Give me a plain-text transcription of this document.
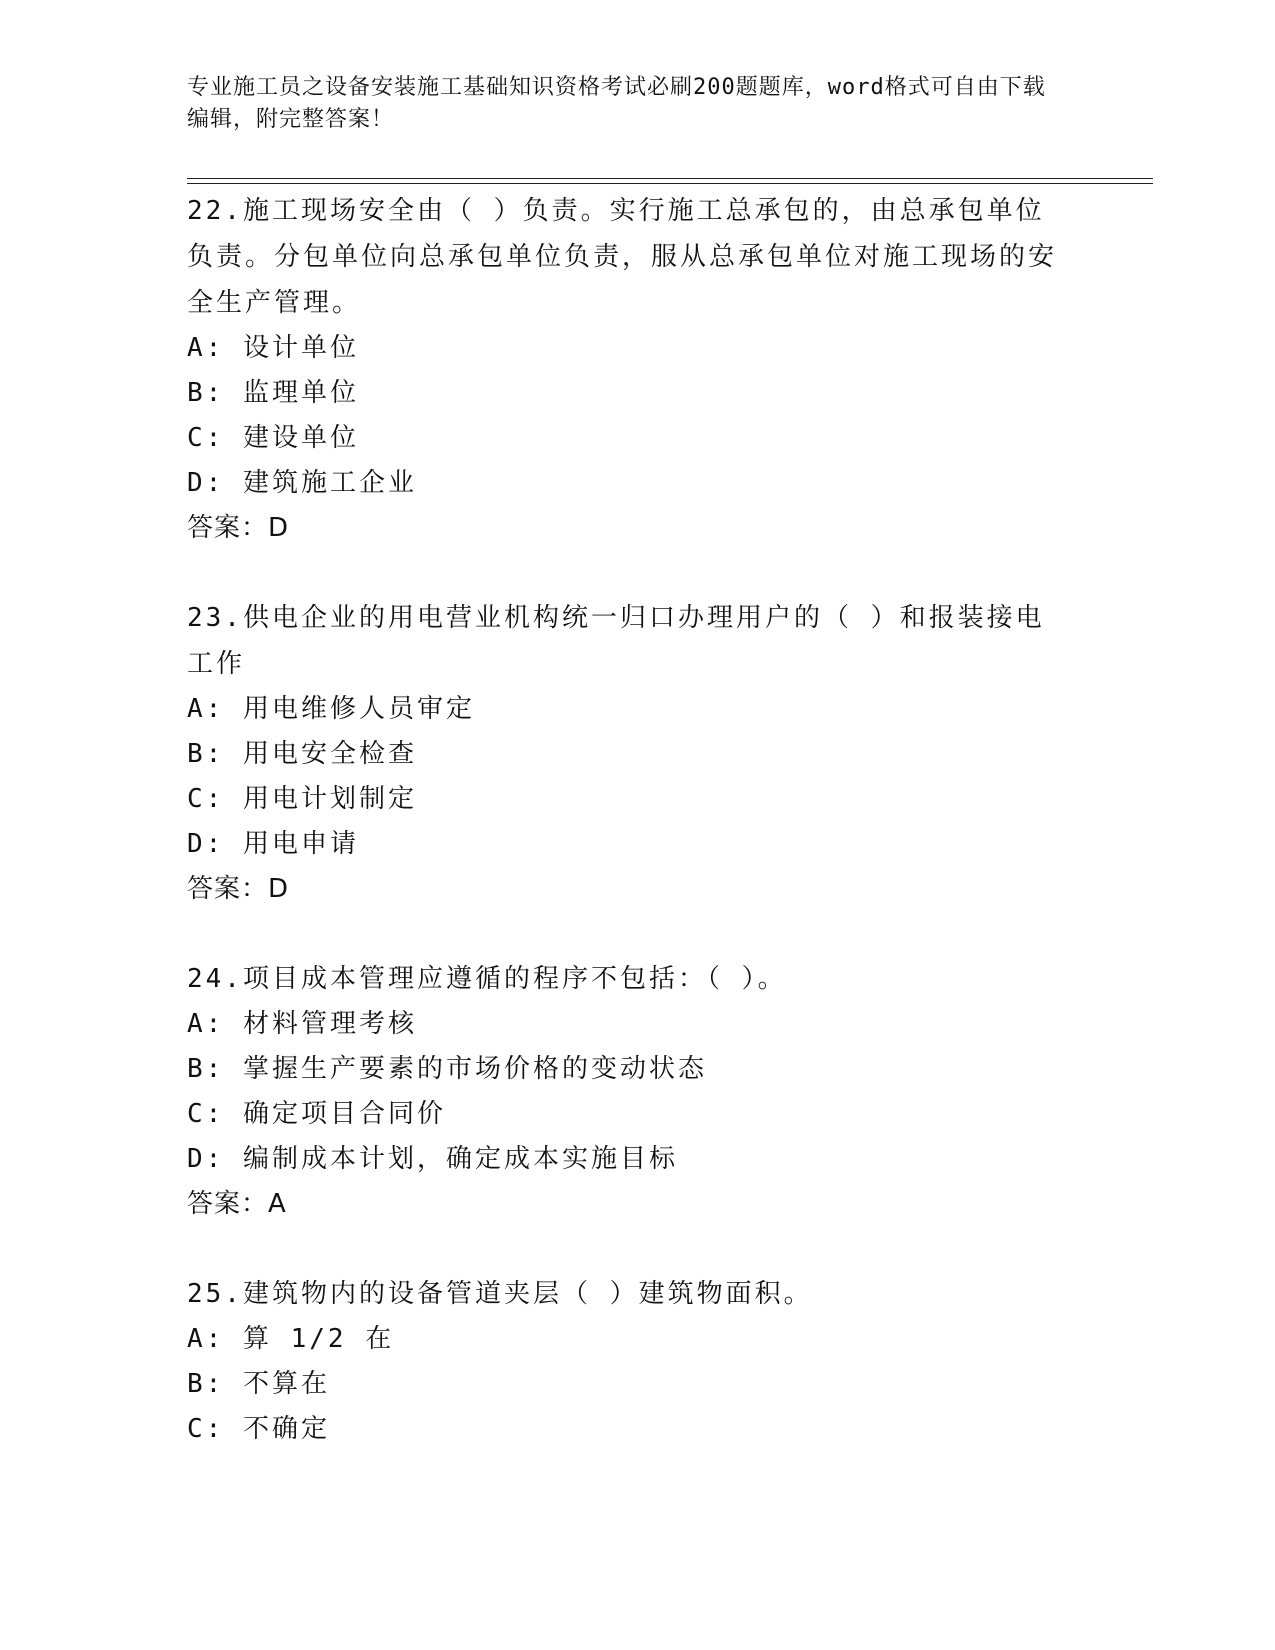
专业施工员之设备安装施工基础知识资格考试必刷200题题库，word格式可自由下载编辑，附完整答案！
22.施工现场安全由（ ）负责。实行施工总承包的，由总承包单位负责。分包单位向总承包单位负责，服从总承包单位对施工现场的安全生产管理。
A: 设计单位
B: 监理单位
C: 建设单位
D: 建筑施工企业
答案：D
23.供电企业的用电营业机构统一归口办理用户的（ ）和报装接电工作
A: 用电维修人员审定
B: 用电安全检查
C: 用电计划制定
D: 用电申请
答案：D
24.项目成本管理应遵循的程序不包括：（ ）。
A: 材料管理考核
B: 掌握生产要素的市场价格的变动状态
C: 确定项目合同价
D: 编制成本计划，确定成本实施目标
答案：A
25.建筑物内的设备管道夹层（ ）建筑物面积。
A: 算 1/2 在
B: 不算在
C: 不确定
